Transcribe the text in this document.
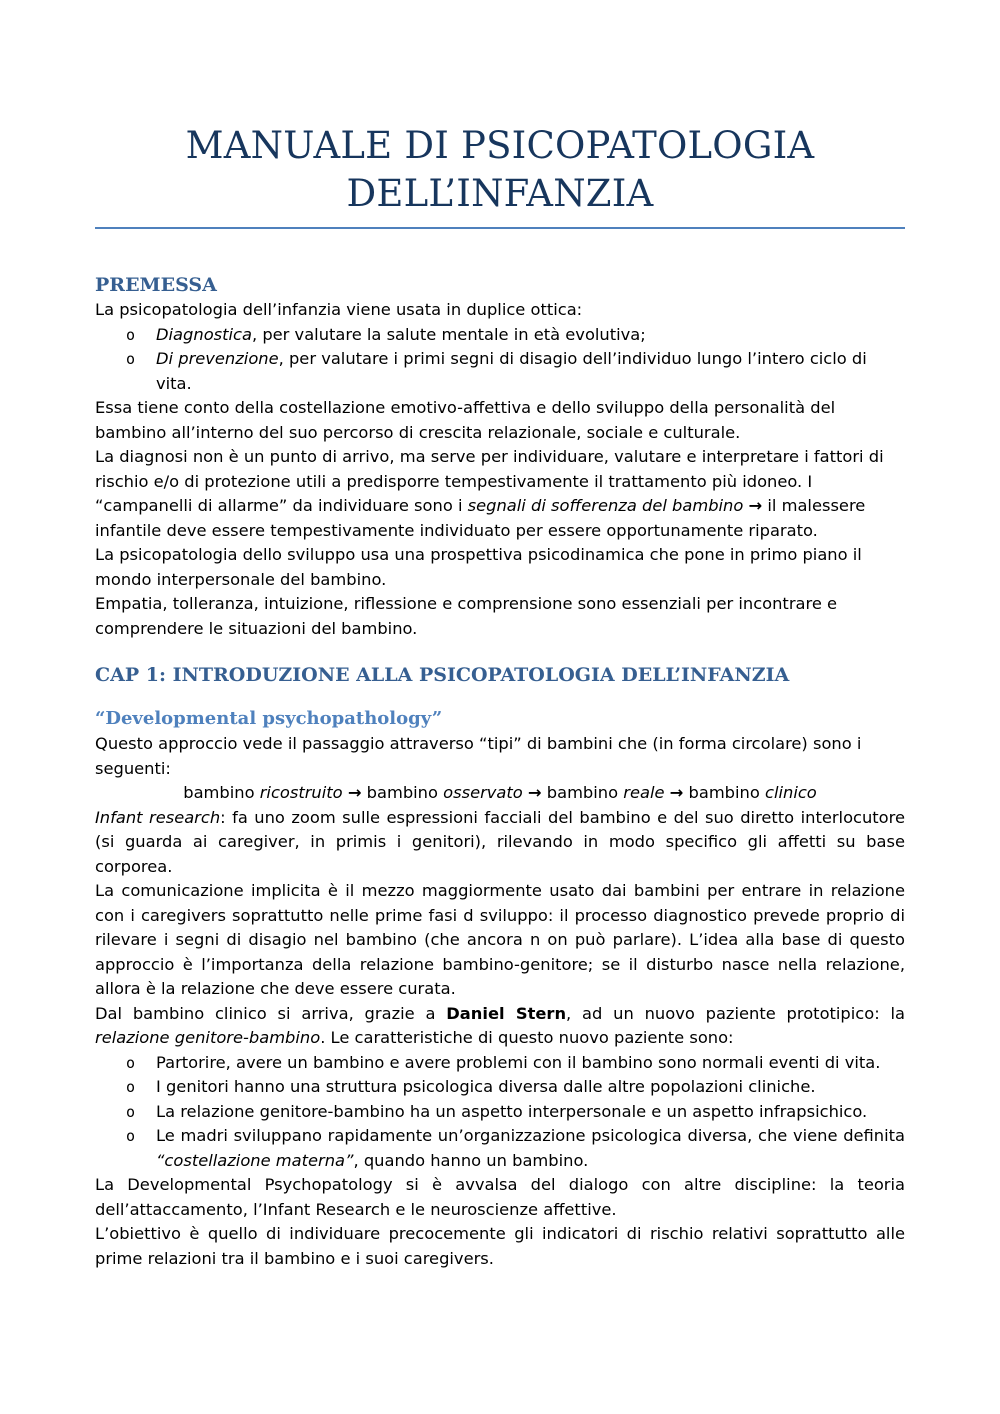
MANUALE DI PSICOPATOLOGIA
DELL’INFANZIA
PREMESSA

La psicopatologia dell’infanzia viene usata in duplice ottica:

o Diagnostica, per valutare la salute mentale in età evolutiva;
o Di prevenzione, per valutare i primi segni di disagio dell’individuo lungo l’intero ciclo di vita.

Essa tiene conto della costellazione emotivo-affettiva e dello sviluppo della personalità del bambino all’interno del suo percorso di crescita relazionale, sociale e culturale.

La diagnosi non è un punto di arrivo, ma serve per individuare, valutare e interpretare i fattori di rischio e/o di protezione utili a predisporre tempestivamente il trattamento più idoneo. I “campanelli di allarme” da individuare sono i segnali di sofferenza del bambino → il malessere infantile deve essere tempestivamente individuato per essere opportunamente riparato.

La psicopatologia dello sviluppo usa una prospettiva psicodinamica che pone in primo piano il mondo interpersonale del bambino.

Empatia, tolleranza, intuizione, riflessione e comprensione sono essenziali per incontrare e comprendere le situazioni del bambino.

CAP 1: INTRODUZIONE ALLA PSICOPATOLOGIA DELL’INFANZIA
“Developmental psychopathology”

Questo approccio vede il passaggio attraverso “tipi” di bambini che (in forma circolare) sono i seguenti:

bambino ricostruito → bambino osservato → bambino reale → bambino clinico

Infant research: fa uno zoom sulle espressioni facciali del bambino e del suo diretto interlocutore (si guarda ai caregiver, in primis i genitori), rilevando in modo specifico gli affetti su base corporea.

La comunicazione implicita è il mezzo maggiormente usato dai bambini per entrare in relazione con i caregivers soprattutto nelle prime fasi d sviluppo: il processo diagnostico prevede proprio di rilevare i segni di disagio nel bambino (che ancora n on può parlare). L’idea alla base di questo approccio è l’importanza della relazione bambino-genitore; se il disturbo nasce nella relazione, allora è la relazione che deve essere curata.

Dal bambino clinico si arriva, grazie a Daniel Stern, ad un nuovo paziente prototipico: la relazione genitore-bambino. Le caratteristiche di questo nuovo paziente sono:

o Partorire, avere un bambino e avere problemi con il bambino sono normali eventi di vita.
o I genitori hanno una struttura psicologica diversa dalle altre popolazioni cliniche.
o La relazione genitore-bambino ha un aspetto interpersonale e un aspetto infrapsichico.
o Le madri sviluppano rapidamente un’organizzazione psicologica diversa, che viene definita “costellazione materna”, quando hanno un bambino.

La Developmental Psychopatology si è avvalsa del dialogo con altre discipline: la teoria dell’attaccamento, l’Infant Research e le neuroscienze affettive.

L’obiettivo è quello di individuare precocemente gli indicatori di rischio relativi soprattutto alle prime relazioni tra il bambino e i suoi caregivers.
